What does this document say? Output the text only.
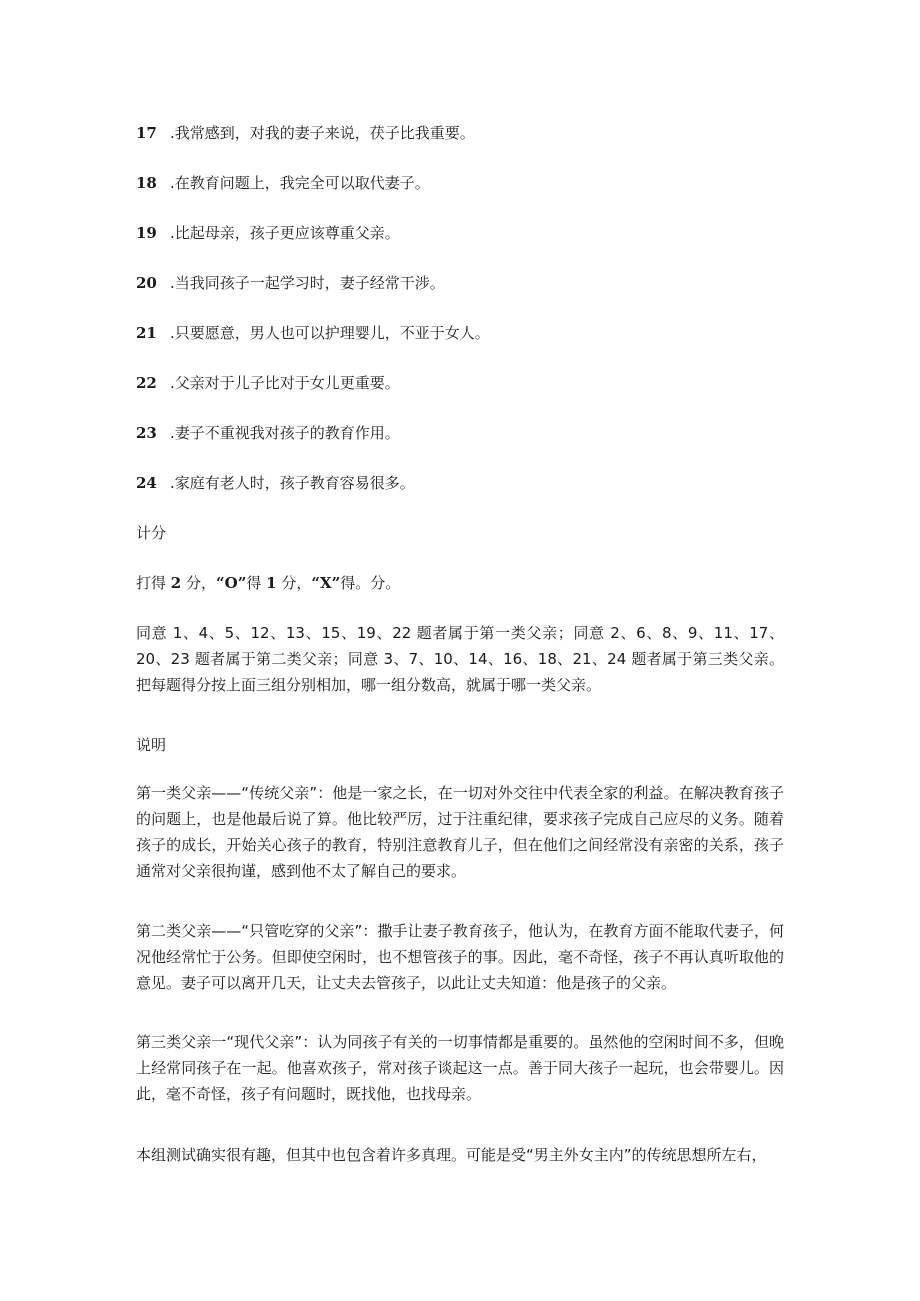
17 .我常感到，对我的妻子来说，茯子比我重要。
18 .在教育问题上，我完全可以取代妻子。
19 .比起母亲，孩子更应该尊重父亲。
20 .当我同孩子一起学习时，妻子经常干涉。
21 .只要愿意，男人也可以护理婴儿，不亚于女人。
22 .父亲对于儿子比对于女儿更重要。
23 .妻子不重视我对孩子的教育作用。
24 .家庭有老人时，孩子教育容易很多。
计分
打得 2 分，“O”得 1 分，“X”得。分。
同意 1、4、5、12、13、15、19、22 题者属于第一类父亲；同意 2、6、8、9、11、17、20、23 题者属于第二类父亲；同意 3、7、10、14、16、18、21、24 题者属于第三类父亲。把每题得分按上面三组分别相加，哪一组分数高，就属于哪一类父亲。
说明
第一类父亲——“传统父亲”：他是一家之长，在一切对外交往中代表全家的利益。在解决教育孩子的问题上，也是他最后说了算。他比较严厉，过于注重纪律，要求孩子完成自己应尽的义务。随着孩子的成长，开始关心孩子的教育，特别注意教育儿子，但在他们之间经常没有亲密的关系，孩子通常对父亲很拘谨，感到他不太了解自己的要求。
第二类父亲——“只管吃穿的父亲”：撒手让妻子教育孩子，他认为，在教育方面不能取代妻子，何况他经常忙于公务。但即使空闲时，也不想管孩子的事。因此，毫不奇怪，孩子不再认真听取他的意见。妻子可以离开几天，让丈夫去管孩子，以此让丈夫知道：他是孩子的父亲。
第三类父亲一“现代父亲”：认为同孩子有关的一切事情都是重要的。虽然他的空闲时间不多，但晚上经常同孩子在一起。他喜欢孩子，常对孩子谈起这一点。善于同大孩子一起玩，也会带婴儿。因此，毫不奇怪，孩子有问题时，既找他，也找母亲。
本组测试确实很有趣，但其中也包含着许多真理。可能是受“男主外女主内”的传统思想所左右，
